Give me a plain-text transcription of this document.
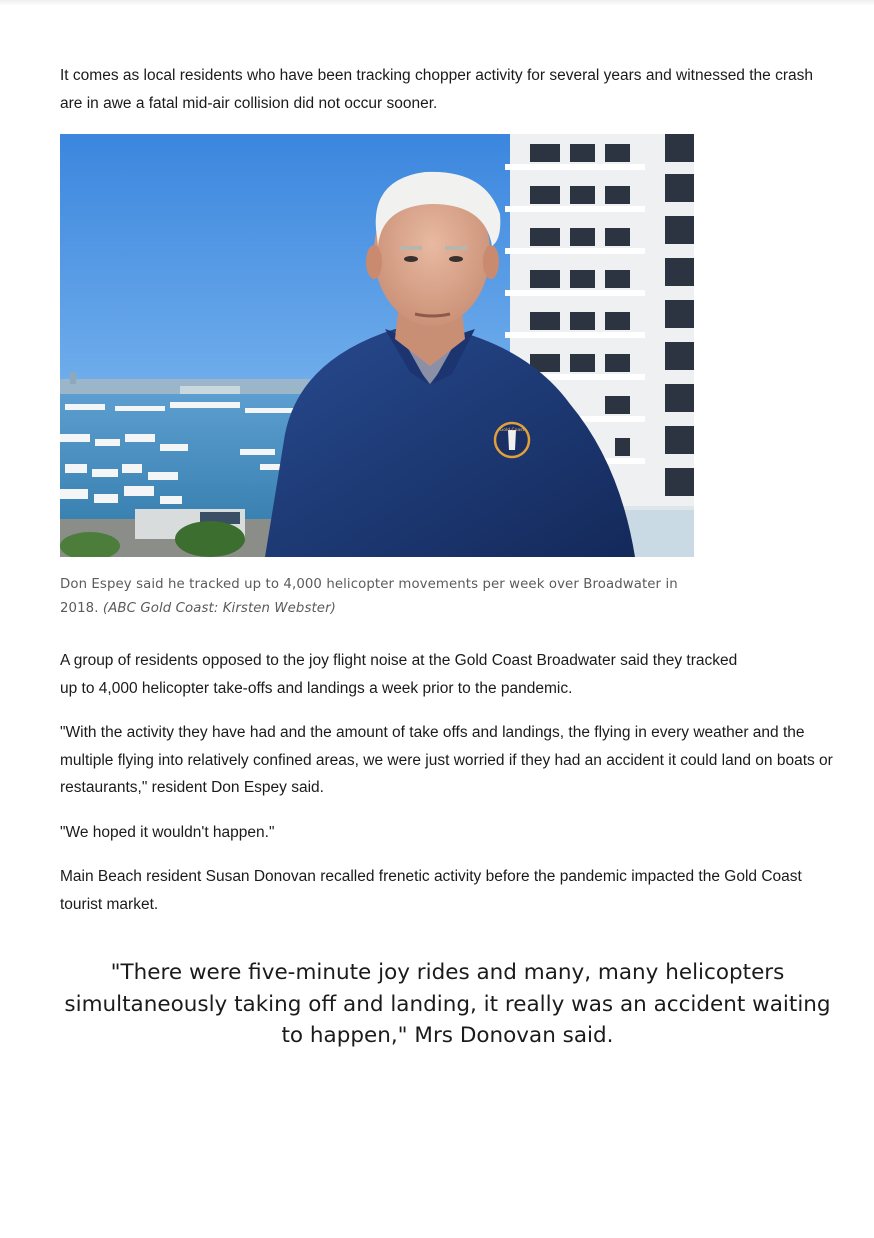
It comes as local residents who have been tracking chopper activity for several years and witnessed the crash are in awe a fatal mid-air collision did not occur sooner.

Gold Coast
Don Espey said he tracked up to 4,000 helicopter movements per week over Broadwater in 2018. (ABC Gold Coast: Kirsten Webster)

A group of residents opposed to the joy flight noise at the Gold Coast Broadwater said they tracked up to 4,000 helicopter take-offs and landings a week prior to the pandemic.

"With the activity they have had and the amount of take offs and landings, the flying in every weather and the multiple flying into relatively confined areas, we were just worried if they had an accident it could land on boats or restaurants," resident Don Espey said.

"We hoped it wouldn't happen."

Main Beach resident Susan Donovan recalled frenetic activity before the pandemic impacted the Gold Coast tourist market.

"There were five-minute joy rides and many, many helicopters simultaneously taking off and landing, it really was an accident waiting to happen," Mrs Donovan said.
